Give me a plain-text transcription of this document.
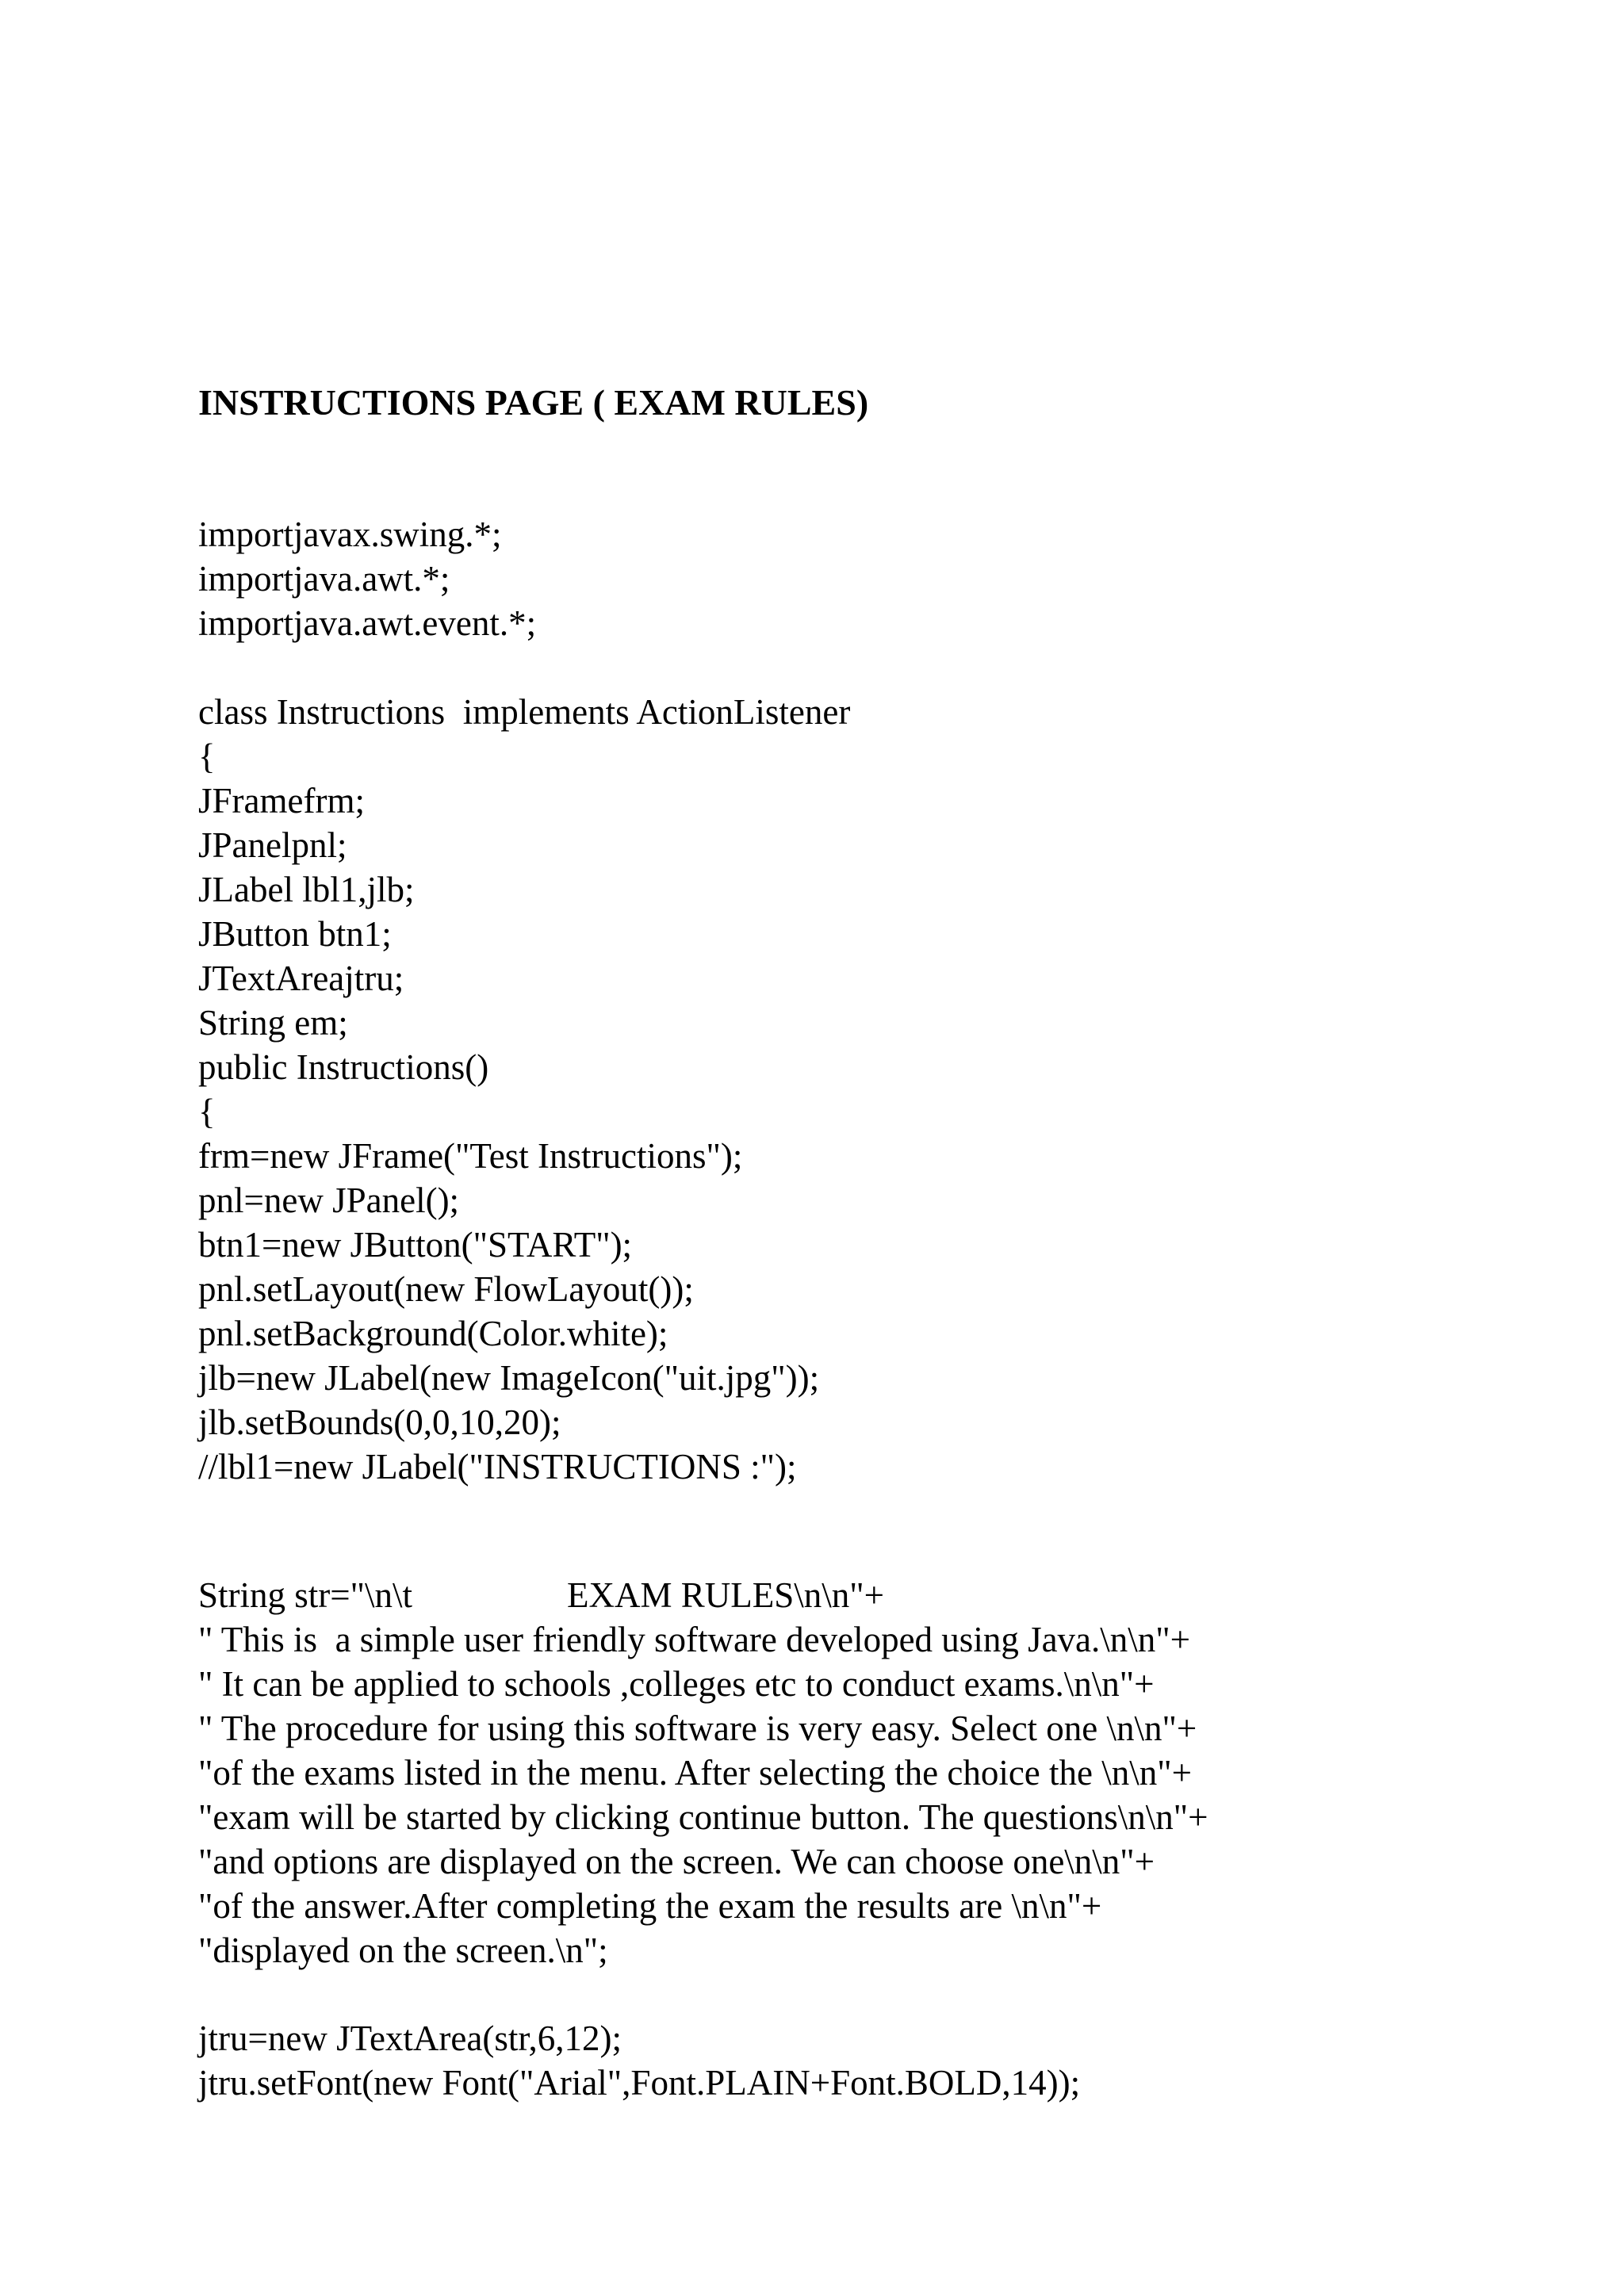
INSTRUCTIONS PAGE ( EXAM RULES)
importjavax.swing.*;
importjava.awt.*;
importjava.awt.event.*;
class Instructions  implements ActionListener
{
JFramefrm;
JPanelpnl;
JLabel lbl1,jlb;
JButton btn1;
JTextAreajtru;
String em;
public Instructions()
{
frm=new JFrame("Test Instructions");
pnl=new JPanel();
btn1=new JButton("START");
pnl.setLayout(new FlowLayout());
pnl.setBackground(Color.white);
jlb=new JLabel(new ImageIcon("uit.jpg"));
jlb.setBounds(0,0,10,20);
//lbl1=new JLabel("INSTRUCTIONS :");
String str="\n\t	EXAM RULES\n\n"+
" This is  a simple user friendly software developed using Java.\n\n"+
" It can be applied to schools ,colleges etc to conduct exams.\n\n"+
" The procedure for using this software is very easy. Select one \n\n"+
"of the exams listed in the menu. After selecting the choice the \n\n"+
"exam will be started by clicking continue button. The questions\n\n"+
"and options are displayed on the screen. We can choose one\n\n"+
"of the answer.After completing the exam the results are \n\n"+
"displayed on the screen.\n";
jtru=new JTextArea(str,6,12);
jtru.setFont(new Font("Arial",Font.PLAIN+Font.BOLD,14));
